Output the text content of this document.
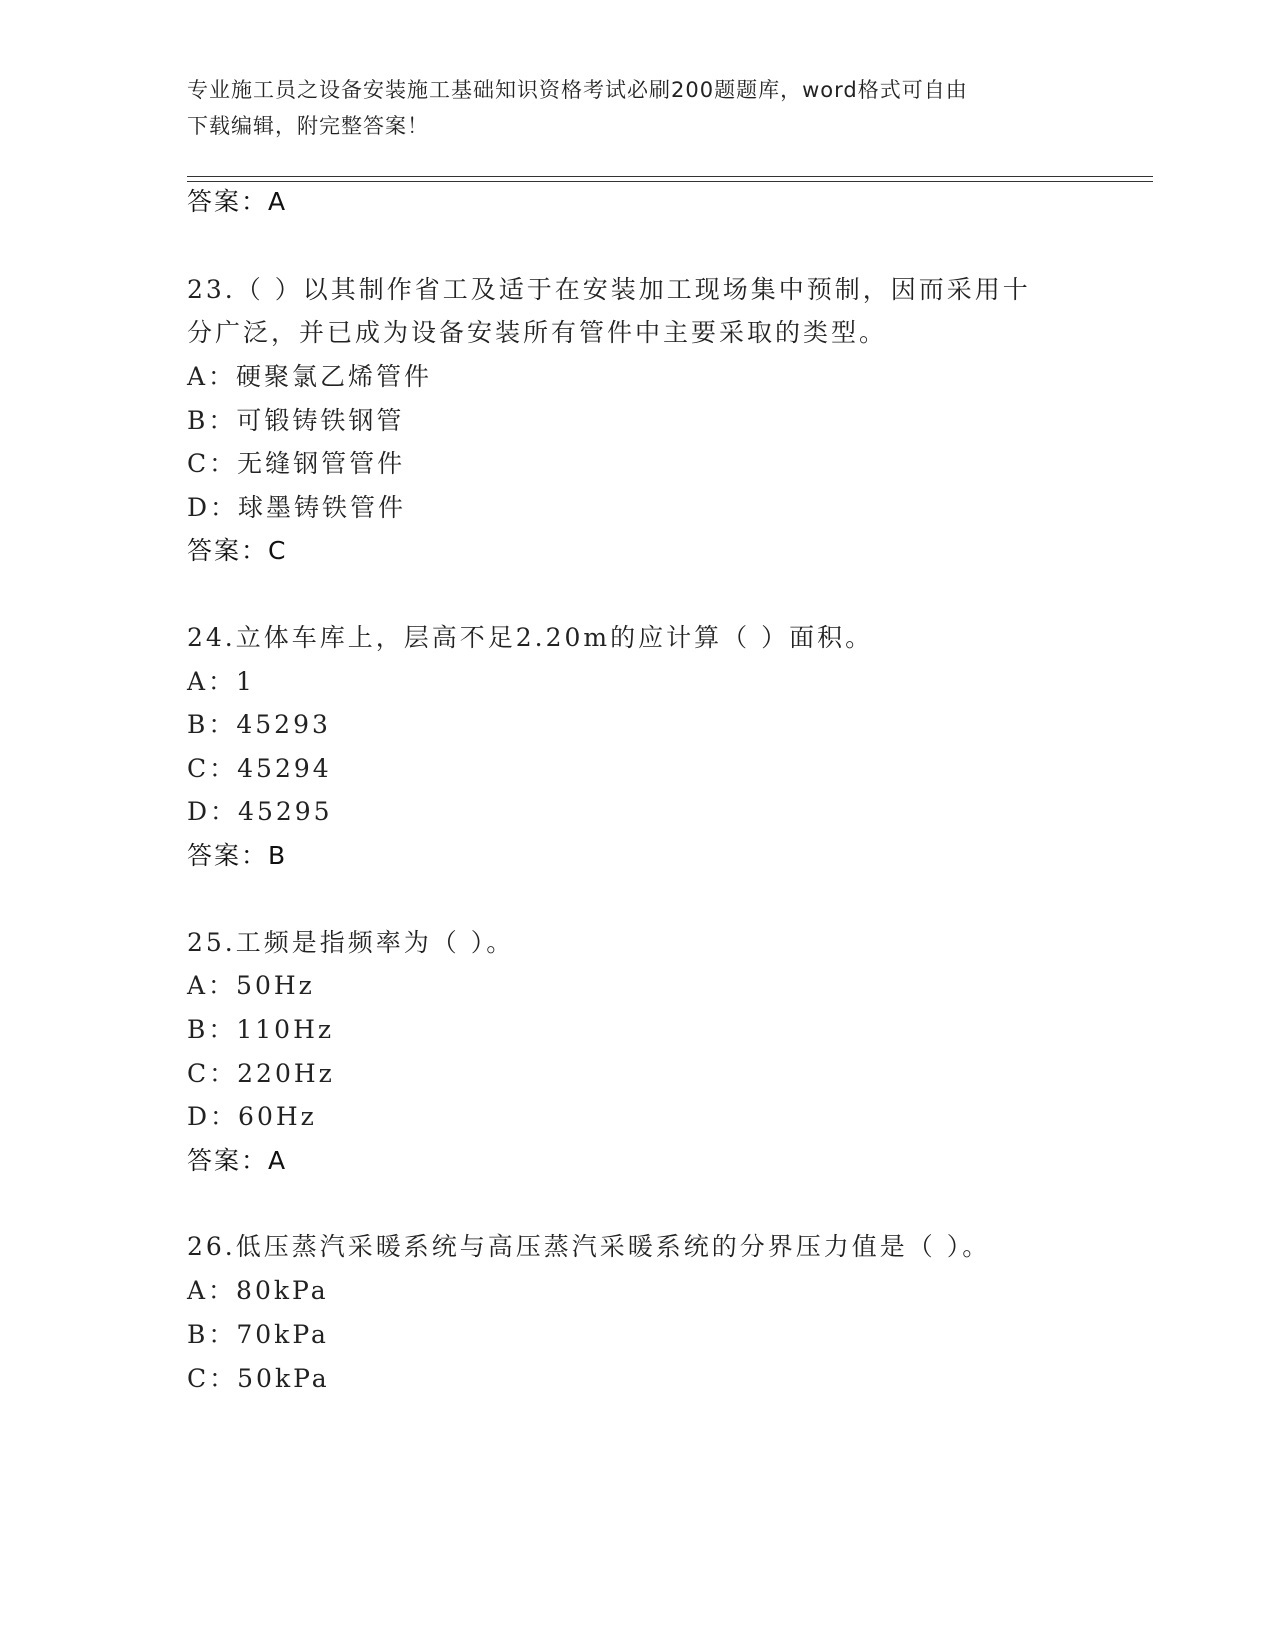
专业施工员之设备安装施工基础知识资格考试必刷200题题库，word格式可自由
下载编辑，附完整答案！
答案：A
23.（ ）以其制作省工及适于在安装加工现场集中预制，因而采用十
分广泛，并已成为设备安装所有管件中主要采取的类型。
A：硬聚氯乙烯管件
B：可锻铸铁钢管
C：无缝钢管管件
D：球墨铸铁管件
答案：C
24.立体车库上，层高不足2.20m的应计算（ ）面积。
A：1
B：45293
C：45294
D：45295
答案：B
25.工频是指频率为（ ）。
A：50Hz
B：110Hz
C：220Hz
D：60Hz
答案：A
26.低压蒸汽采暖系统与高压蒸汽采暖系统的分界压力值是（ ）。
A：80kPa
B：70kPa
C：50kPa
